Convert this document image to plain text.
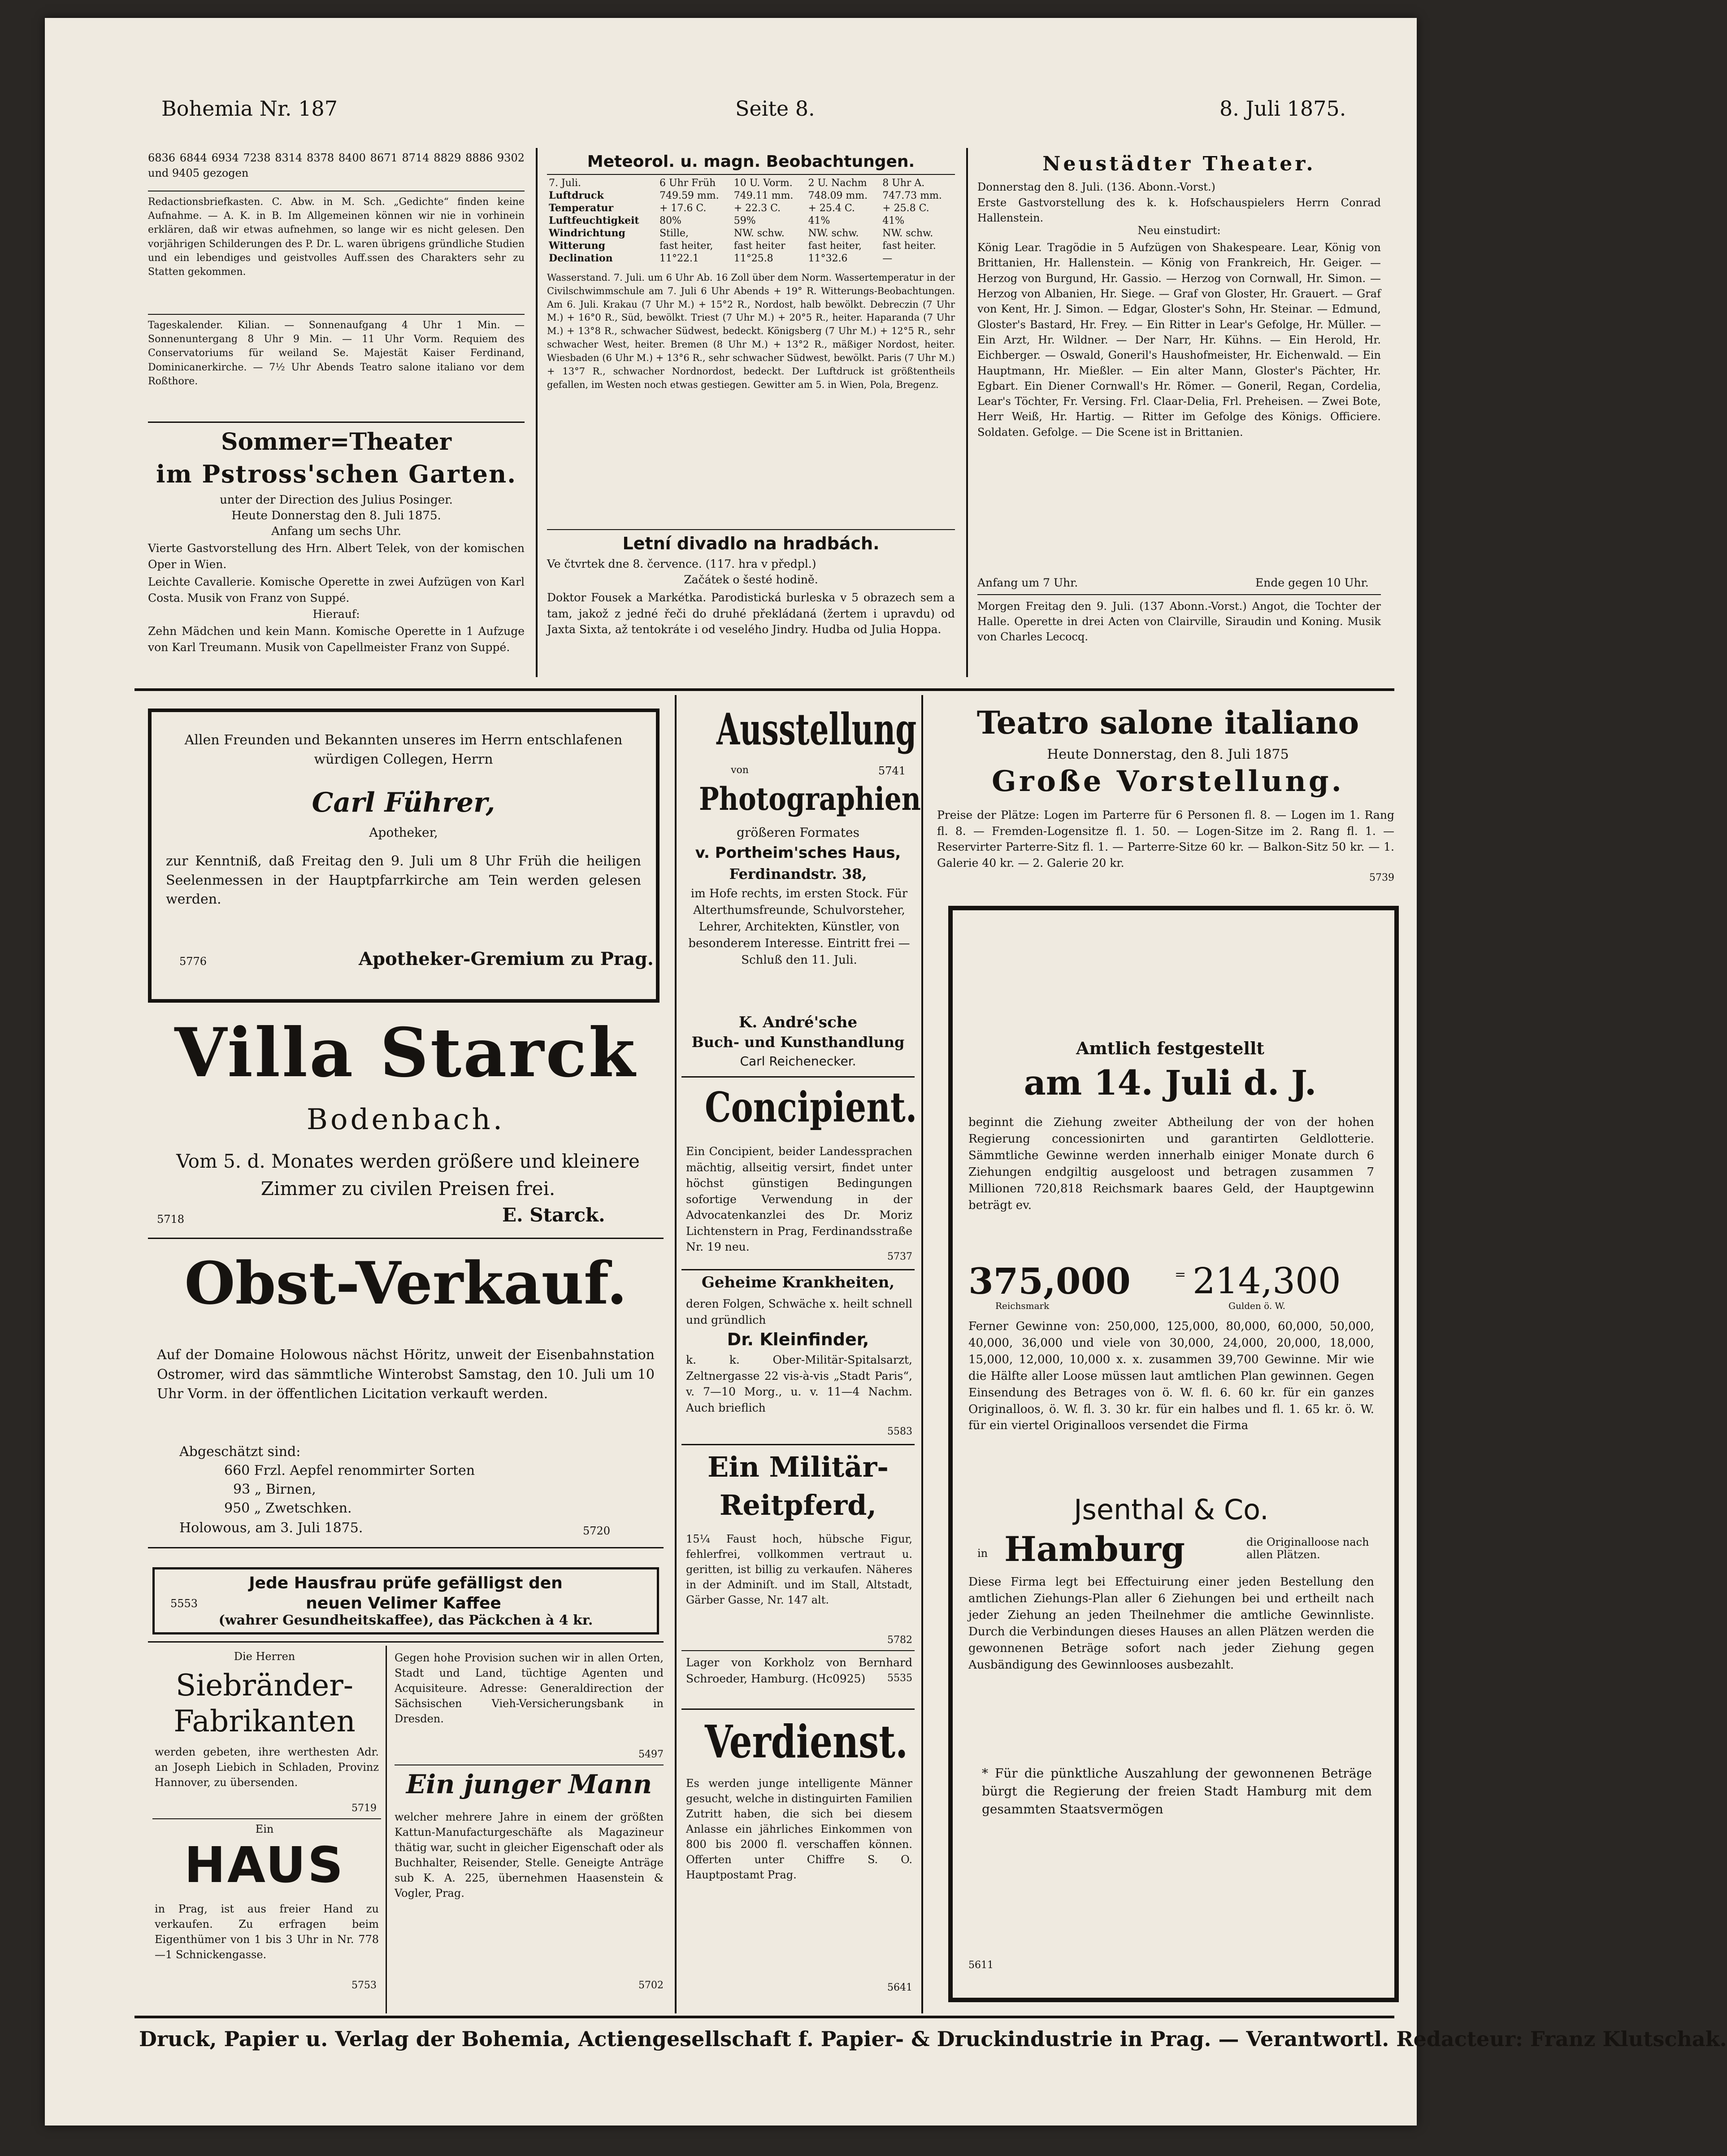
Bohemia Nr. 187	Seite 8.	8. Juli 1875.
6836 6844 6934 7238 8314 8378 8400 8671 8714 8829 8886 9302 und 9405 gezogen
Redactionsbriefkasten. C. Abw. in M. Sch. „Gedichte“ finden keine Aufnahme. — A. K. in B. Im Allgemeinen können wir nie in vorhinein erklären, daß wir etwas aufnehmen, so lange wir es nicht gelesen. Den vorjährigen Schilderungen des P. Dr. L. waren übrigens gründliche Studien und ein lebendiges und geistvolles Auff.ssen des Charakters sehr zu Statten gekommen.
Tageskalender. Kilian. — Sonnenaufgang 4 Uhr 1 Min. — Sonnenuntergang 8 Uhr 9 Min. — 11 Uhr Vorm. Requiem des Conservatoriums für weiland Se. Majestät Kaiser Ferdinand, Dominicanerkirche. — 7½ Uhr Abends Teatro salone italiano vor dem Roßthore.
Sommer=Theater
im Pstross'schen Garten.
unter der Direction des Julius Posinger.
Heute Donnerstag den 8. Juli 1875.
Anfang um sechs Uhr.
Vierte Gastvorstellung des Hrn. Albert Telek, von der komischen Oper in Wien.
Leichte Cavallerie. Komische Operette in zwei Aufzügen von Karl Costa. Musik von Franz von Suppé.
Hierauf:
Zehn Mädchen und kein Mann. Komische Operette in 1 Aufzuge von Karl Treumann. Musik von Capellmeister Franz von Suppé.
Meteorol. u. magn. Beobachtungen.
7. Juli.	6 Uhr Früh	10 U. Vorm.	2 U. Nachm	8 Uhr A.
Luftdruck	749.59 mm.	749.11 mm.	748.09 mm.	747.73 mm.
Temperatur	+ 17.6 C.	+ 22.3 C.	+ 25.4 C.	+ 25.8 C.
Luftfeuchtigkeit	80%	59%	41%	41%
Windrichtung	Stille,	NW. schw.	NW. schw.	NW. schw.
Witterung	fast heiter,	fast heiter	fast heiter,	fast heiter.
Declination	11°22.1	11°25.8	11°32.6	—
Wasserstand. 7. Juli. um 6 Uhr Ab. 16 Zoll über dem Norm. Wassertemperatur in der Civilschwimmschule am 7. Juli 6 Uhr Abends + 19° R. Witterungs-Beobachtungen. Am 6. Juli. Krakau (7 Uhr M.) + 15°2 R., Nordost, halb bewölkt. Debreczin (7 Uhr M.) + 16°0 R., Süd, bewölkt. Triest (7 Uhr M.) + 20°5 R., heiter. Haparanda (7 Uhr M.) + 13°8 R., schwacher Südwest, bedeckt. Königsberg (7 Uhr M.) + 12°5 R., sehr schwacher West, heiter. Bremen (8 Uhr M.) + 13°2 R., mäßiger Nordost, heiter. Wiesbaden (6 Uhr M.) + 13°6 R., sehr schwacher Südwest, bewölkt. Paris (7 Uhr M.) + 13°7 R., schwacher Nordnordost, bedeckt. Der Luftdruck ist größtentheils gefallen, im Westen noch etwas gestiegen. Gewitter am 5. in Wien, Pola, Bregenz.
Letní divadlo na hradbách.
Ve čtvrtek dne 8. července. (117. hra v předpl.)
Začátek o šesté hodině.
Doktor Fousek a Markétka. Parodistická burleska v 5 obrazech sem a tam, jakož z jedné řeči do druhé překládaná (žertem i upravdu) od Jaxta Sixta, až tentokráte i od veselého Jindry. Hudba od Julia Hoppa.
Neustädter Theater.
Donnerstag den 8. Juli. (136. Abonn.-Vorst.)
Erste Gastvorstellung des k. k. Hofschauspielers Herrn Conrad Hallenstein.
Neu einstudirt:
König Lear. Tragödie in 5 Aufzügen von Shakespeare. Lear, König von Brittanien, Hr. Hallenstein. — König von Frankreich, Hr. Geiger. — Herzog von Burgund, Hr. Gassio. — Herzog von Cornwall, Hr. Simon. — Herzog von Albanien, Hr. Siege. — Graf von Gloster, Hr. Grauert. — Graf von Kent, Hr. J. Simon. — Edgar, Gloster's Sohn, Hr. Steinar. — Edmund, Gloster's Bastard, Hr. Frey. — Ein Ritter in Lear's Gefolge, Hr. Müller. — Ein Arzt, Hr. Wildner. — Der Narr, Hr. Kühns. — Ein Herold, Hr. Eichberger. — Oswald, Goneril's Haushofmeister, Hr. Eichenwald. — Ein Hauptmann, Hr. Mießler. — Ein alter Mann, Gloster's Pächter, Hr. Egbart. Ein Diener Cornwall's Hr. Römer. — Goneril, Regan, Cordelia, Lear's Töchter, Fr. Versing. Frl. Claar-Delia, Frl. Preheisen. — Zwei Bote, Herr Weiß, Hr. Hartig. — Ritter im Gefolge des Königs. Officiere. Soldaten. Gefolge. — Die Scene ist in Brittanien.
Anfang um 7 Uhr.	Ende gegen 10 Uhr.
Morgen Freitag den 9. Juli. (137 Abonn.-Vorst.) Angot, die Tochter der Halle. Operette in drei Acten von Clairville, Siraudin und Koning. Musik von Charles Lecocq.
Allen Freunden und Bekannten unseres im Herrn entschlafenen würdigen Collegen, Herrn
Carl Führer,
Apotheker,
zur Kenntniß, daß Freitag den 9. Juli um 8 Uhr Früh die heiligen Seelenmessen in der Hauptpfarrkirche am Tein werden gelesen werden.
5776	Apotheker-Gremium zu Prag.
Villa Starck
Bodenbach.
Vom 5. d. Monates werden größere und kleinere Zimmer zu civilen Preisen frei.
5718	E. Starck.
Obst-Verkauf.
Auf der Domaine Holowous nächst Höritz, unweit der Eisenbahnstation Ostromer, wird das sämmtliche Winterobst Samstag, den 10. Juli um 10 Uhr Vorm. in der öffentlichen Licitation verkauft werden.
Abgeschätzt sind:
660 Frzl. Aepfel renommirter Sorten
93 „ Birnen,
950 „ Zwetschken.
Holowous, am 3. Juli 1875.	5720
Jede Hausfrau prüfe gefälligst den
5553	neuen Velimer Kaffee
(wahrer Gesundheitskaffee), das Päckchen à 4 kr.
Die Herren
Siebränder-
Fabrikanten
werden gebeten, ihre werthesten Adr. an Joseph Liebich in Schladen, Provinz Hannover, zu übersenden.
5719
Ein
HAUS
in Prag, ist aus freier Hand zu verkaufen. Zu erfragen beim Eigenthümer von 1 bis 3 Uhr in Nr. 778—1 Schnickengasse.
5753
Gegen hohe Provision suchen wir in allen Orten, Stadt und Land, tüchtige Agenten und Acquisiteure. Adresse: Generaldirection der Sächsischen Vieh-Versicherungsbank in Dresden.
5497
Ein junger Mann
welcher mehrere Jahre in einem der größten Kattun-Manufacturgeschäfte als Magazineur thätig war, sucht in gleicher Eigenschaft oder als Buchhalter, Reisender, Stelle. Geneigte Anträge sub K. A. 225, übernehmen Haasenstein & Vogler, Prag.
5702
Ausstellung
von	5741
Photographien
größeren Formates
v. Portheim'sches Haus,
Ferdinandstr. 38,
im Hofe rechts, im ersten Stock. Für Alterthumsfreunde, Schulvorsteher, Lehrer, Architekten, Künstler, von besonderem Interesse. Eintritt frei — Schluß den 11. Juli.
K. André'sche
Buch- und Kunsthandlung
Carl Reichenecker.
Concipient.
Ein Concipient, beider Landessprachen mächtig, allseitig versirt, findet unter höchst günstigen Bedingungen sofortige Verwendung in der Advocatenkanzlei des Dr. Moriz Lichtenstern in Prag, Ferdinandsstraße Nr. 19 neu.
5737
Geheime Krankheiten,
deren Folgen, Schwäche x. heilt schnell und gründlich
Dr. Kleinfinder,
k. k. Ober-Militär-Spitalsarzt, Zeltnergasse 22 vis-à-vis „Stadt Paris“, v. 7—10 Morg., u. v. 11—4 Nachm. Auch brieflich
5583
Ein Militär-
Reitpferd,
15¼ Faust hoch, hübsche Figur, fehlerfrei, vollkommen vertraut u. geritten, ist billig zu verkaufen. Näheres in der Adminiſt. und im Stall, Altstadt, Gärber Gasse, Nr. 147 alt.
5782
Lager von Korkholz von Bernhard Schroeder, Hamburg. (Hc0925)	5535
Verdienst.
Es werden junge intelligente Männer gesucht, welche in distinguirten Familien Zutritt haben, die sich bei diesem Anlasse ein jährliches Einkommen von 800 bis 2000 fl. verschaffen können. Offerten unter Chiffre S. O. Hauptpostamt Prag.
5641
Teatro salone italiano
Heute Donnerstag, den 8. Juli 1875
Große Vorstellung.
Preise der Plätze: Logen im Parterre für 6 Personen fl. 8. — Logen im 1. Rang fl. 8. — Fremden-Logensitze fl. 1. 50. — Logen-Sitze im 2. Rang fl. 1. — Reservirter Parterre-Sitz fl. 1. — Parterre-Sitze 60 kr. — Balkon-Sitz 50 kr. — 1. Galerie 40 kr. — 2. Galerie 20 kr.
5739
Amtlich festgestellt
am 14. Juli d. J.
beginnt die Ziehung zweiter Abtheilung der von der hohen Regierung concessionirten und garantirten Geldlotterie. Sämmtliche Gewinne werden innerhalb einiger Monate durch 6 Ziehungen endgiltig ausgeloost und betragen zusammen 7 Millionen 720,818 Reichsmark baares Geld, der Hauptgewinn beträgt ev.
375,000
Reichsmark
= 214,300
Gulden ö. W.
Ferner Gewinne von: 250,000, 125,000, 80,000, 60,000, 50,000, 40,000, 36,000 und viele von 30,000, 24,000, 20,000, 18,000, 15,000, 12,000, 10,000 x. x. zusammen 39,700 Gewinne. Mir wie die Hälfte aller Loose müssen laut amtlichen Plan gewinnen. Gegen Einsendung des Betrages von ö. W. fl. 6. 60 kr. für ein ganzes Originalloos, ö. W. fl. 3. 30 kr. für ein halbes und fl. 1. 65 kr. ö. W. für ein viertel Originalloos versendet die Firma
Jsenthal & Co.
in Hamburg	die Originalloose nach allen Plätzen.
Diese Firma legt bei Effectuirung einer jeden Bestellung den amtlichen Ziehungs-Plan aller 6 Ziehungen bei und ertheilt nach jeder Ziehung an jeden Theilnehmer die amtliche Gewinnliste. Durch die Verbindungen dieses Hauses an allen Plätzen werden die gewonnenen Beträge sofort nach jeder Ziehung gegen Ausbändigung des Gewinnlooses ausbezahlt.
* Für die pünktliche Auszahlung der gewonnenen Beträge bürgt die Regierung der freien Stadt Hamburg mit dem gesammten Staatsvermögen
5611
Druck, Papier u. Verlag der Bohemia, Actiengesellschaft f. Papier- & Druckindustrie in Prag. — Verantwortl. Redacteur: Franz Klutschak.
